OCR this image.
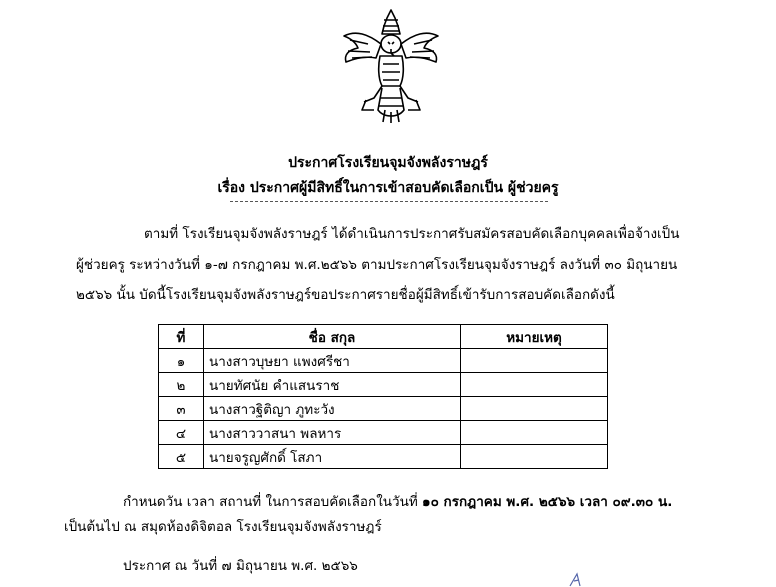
ประกาศโรงเรียนจุมจังพลังราษฎร์
เรื่อง ประกาศผู้มีสิทธิ์ในการเข้าสอบคัดเลือกเป็น ผู้ช่วยครู
ตามที่ โรงเรียนจุมจังพลังราษฎร์ ได้ดำเนินการประกาศรับสมัครสอบคัดเลือกบุคคลเพื่อจ้างเป็น
ผู้ช่วยครู ระหว่างวันที่ ๑-๗ กรกฎาคม พ.ศ.๒๕๖๖ ตามประกาศโรงเรียนจุมจังราษฎร์ ลงวันที่ ๓๐ มิถุนายน
๒๕๖๖ นั้น บัดนี้โรงเรียนจุมจังพลังราษฎร์ขอประกาศรายชื่อผู้มีสิทธิ์เข้ารับการสอบคัดเลือกดังนี้
ที่	ชื่อ สกุล	หมายเหตุ
๑	นางสาวบุษยา แพงศรีชา	
๒	นายทัศนัย คำแสนราช	
๓	นางสาวฐิติญา ภูทะวัง	
๔	นางสาววาสนา พลหาร	
๕	นายจรูญศักดิ์ โสภา	
กำหนดวัน เวลา สถานที่ ในการสอบคัดเลือกในวันที่ ๑๐ กรกฎาคม พ.ศ. ๒๕๖๖ เวลา ๐๙.๓๐ น.
เป็นต้นไป ณ สมุดห้องดิจิตอล โรงเรียนจุมจังพลังราษฎร์
ประกาศ ณ วันที่ ๗ มิถุนายน พ.ศ. ๒๕๖๖
